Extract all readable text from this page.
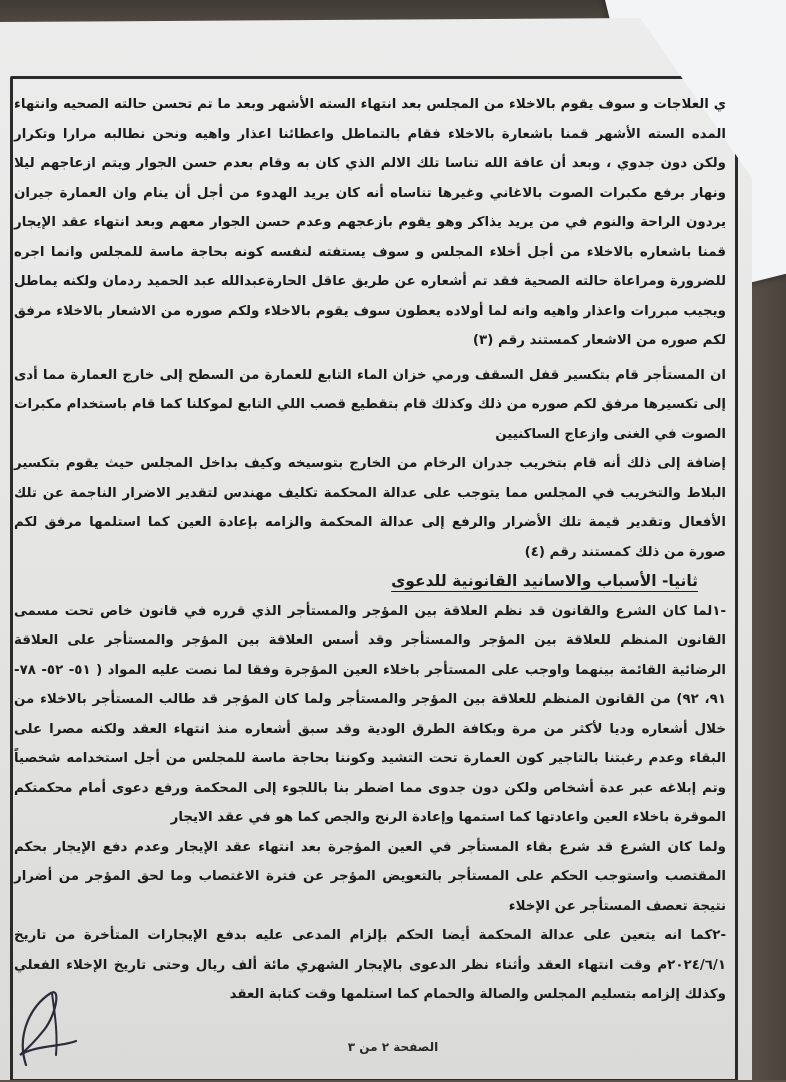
ي العلاجات و سوف يقوم بالاخلاء من المجلس بعد انتهاء السته الأشهر وبعد ما تم تحسن حالته الصحيه وانتهاء المده السته الأشهر قمنا باشعارة بالاخلاء فقام بالتماطل واعطائنا اعذار واهيه ونحن نطالبه مرارا وتكرار ولكن دون جدوي ، وبعد أن عافة الله تناسا تلك الالم الذي كان به وقام بعدم حسن الجوار ويتم ازعاجهم ليلا ونهار برفع مكبرات الصوت بالاغاني وغيرها تناساه أنه كان يريد الهدوء من أجل أن ينام وان العمارة جيران يردون الراحة والنوم في من يريد يذاكر وهو يقوم بازعجهم وعدم حسن الجوار معهم وبعد انتهاء عقد الإيجار قمنا باشعاره بالاخلاء من أجل أخلاء المجلس و سوف يستفته لنفسه كونه بحاجة ماسة للمجلس وانما اجره للضرورة ومراعاة حالته الصحية فقد تم أشعاره عن طريق عاقل الحارةعبدالله عبد الحميد ردمان ولكنه يماطل ويجيب مبررات واعذار واهيه وانه لما أولاده يعطون سوف يقوم بالاخلاء ولكم صوره من الاشعار بالاخلاء مرفق لكم صوره من الاشعار كمستند رقم (٣)

ان المستأجر قام بتكسير قفل السقف ورمي خزان الماء التابع للعمارة من السطح إلى خارج العمارة مما أدى إلى تكسيرها مرفق لكم صوره من ذلك وكذلك قام بتقطيع قصب اللي التابع لموكلنا كما قام باستخدام مكبرات الصوت في الغنى وازعاج الساكنيين

إضافة إلى ذلك أنه قام بتخريب جدران الرخام من الخارج بتوسيخه وكيف بداخل المجلس حيث يقوم بتكسير البلاط والتخريب في المجلس مما يتوجب على عدالة المحكمة تكليف مهندس لتقدير الاضرار الناجمة عن تلك الأفعال وتقدير قيمة تلك الأضرار والرفع إلى عدالة المحكمة والزامه بإعادة العين كما استلمها مرفق لكم صورة من ذلك كمستند رقم (٤)

ثانيا- الأسباب والاسانيد القانونية للدعوى

-١لما كان الشرع والقانون قد نظم العلاقة بين المؤجر والمستأجر الذي قرره في قانون خاص تحت مسمى القانون المنظم للعلاقة بين المؤجر والمستأجر وقد أسس العلاقة بين المؤجر والمستأجر على العلاقة الرضائية القائمة بينهما واوجب على المستأجر باخلاء العين المؤجرة وفقا لما نصت عليه المواد ( ٥١- ٥٢- ٧٨- ٩١، ٩٢) من القانون المنظم للعلاقة بين المؤجر والمستأجر ولما كان المؤجر قد طالب المستأجر بالاخلاء من خلال أشعاره وديا لأكثر من مرة وبكافة الطرق الودية وقد سبق أشعاره منذ انتهاء العقد ولكنه مصرا على البقاء وعدم رغبتنا بالتاجير كون العمارة تحت التشيد وكوننا بحاجة ماسة للمجلس من أجل استخدامه شخصياً وتم إبلاغه عبر عدة أشخاص ولكن دون جدوى مما اضطر بنا باللجوء إلى المحكمة ورفع دعوى أمام محكمتكم الموقرة باخلاء العين واعادتها كما استمها وإعادة الرنج والجص كما هو في عقد الايجار

ولما كان الشرع قد شرع بقاء المستأجر في العين المؤجرة بعد انتهاء عقد الإيجار وعدم دفع الإيجار بحكم المقتصب واستوجب الحكم على المستأجر بالتعويض المؤجر عن فترة الاغتصاب وما لحق المؤجر من أضرار نتيجة تعصف المستأجر عن الإخلاء

-٢كما انه يتعين على عدالة المحكمة أيضا الحكم بإلزام المدعى عليه بدفع الإيجارات المتأخرة من تاريخ ٢٠٢٤/٦/١م وقت انتهاء العقد وأثناء نظر الدعوى بالإيجار الشهري مائة ألف ريال وحتى تاريخ الإخلاء الفعلي وكذلك إلزامه بتسليم المجلس والصالة والحمام كما استلمها وقت كتابة العقد

الصفحة ٢ من ٣
